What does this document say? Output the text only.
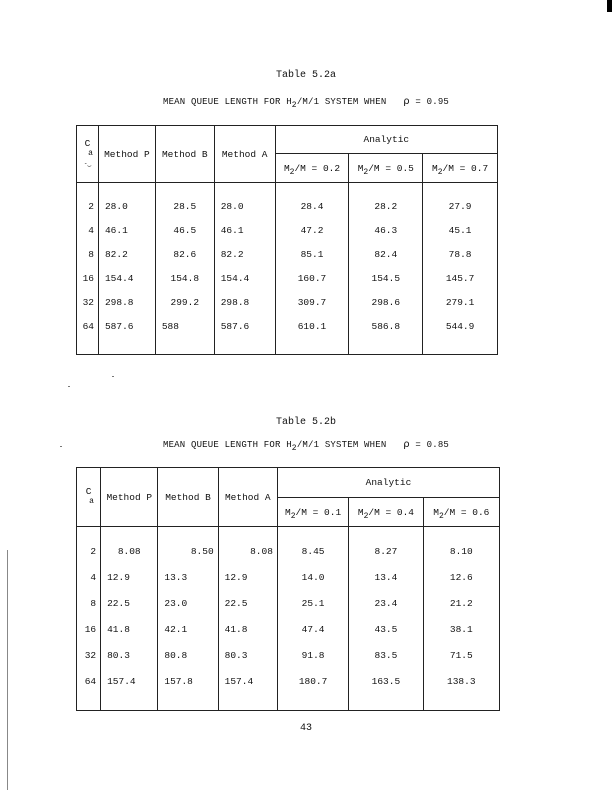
Table 5.2a
MEAN QUEUE LENGTH FOR H2/M/1 SYSTEM WHEN ρ = 0.95
C
a
-‿	Method P	Method B	Method A	Analytic		
				$M_2/M = 0.2$	$M_2/M = 0.5$	$M_2/M = 0.7$

2	28.0	28.5	28.0	28.4	28.2	27.9
4	46.1	46.5	46.1	47.2	46.3	45.1
8	82.2	82.6	82.2	85.1	82.4	78.8
16	154.4	154.8	154.4	160.7	154.5	145.7
32	298.8	299.2	298.8	309.7	298.6	279.1
64	587.6	588	587.6	610.1	586.8	544.9

Table 5.2b
MEAN QUEUE LENGTH FOR H2/M/1 SYSTEM WHEN ρ = 0.85
C
a	Method P	Method B	Method A	Analytic		
				$M_2/M = 0.1$	$M_2/M = 0.4$	$M_2/M = 0.6$

2	8.08	8.50	8.08	8.45	8.27	8.10
4	12.9	13.3	12.9	14.0	13.4	12.6
8	22.5	23.0	22.5	25.1	23.4	21.2
16	41.8	42.1	41.8	47.4	43.5	38.1
32	80.3	80.8	80.3	91.8	83.5	71.5
64	157.4	157.8	157.4	180.7	163.5	138.3

43
